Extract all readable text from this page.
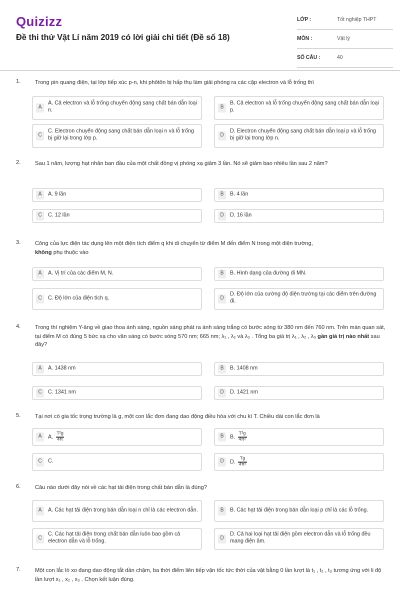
Quizizz
Đề thi thử Vật Lí năm 2019 có lời giải chi tiết (Đề số 18)
LỚP :	Tốt nghiệp THPT
MÔN :	Vật lý
SỐ CÂU :	40
1.	Trong pin quang điện, tại lớp tiếp xúc p-n, khi phôtôn bị hấp thụ làm giải phóng ra các cặp electron và lỗ trống thì
A
A. Cả electron và lỗ trống chuyển động sang chất bán dẫn loại n.
B
B. Cả electron và lỗ trống chuyển động sang chất bán dẫn loại p.
C
C. Electron chuyển động sang chất bán dẫn loại n và lỗ trống bị giữ lại trong lớp p.
D
D. Electron chuyển động sang chất bán dẫn loại p và lỗ trống bị giữ lại trong lớp n.
2.	Sau 1 năm, lượng hạt nhân ban đầu của một chất đồng vị phóng xạ giảm 3 lần. Nó sẽ giảm bao nhiêu lần sau 2 năm?
A	A. 9 lần	B	B. 4 lần
C	C. 12 lần	D	D. 16 lần
3.	Công của lực điện tác dụng lên một điện tích điểm q khi di chuyển từ điểm M đến điểm N trong một điện trường,
không phụ thuộc vào
A	A. Vị trí của các điểm M, N.	B	B. Hình dạng của đường đi MN.
C	C. Độ lớn của điện tích q.	D
D. Độ lớn của cường độ điện trường tại các điểm trên đường đi.
4.	Trong thí nghiệm Y-âng về giao thoa ánh sáng, nguồn sáng phát ra ánh sáng trắng có bước sóng từ 380 nm đến 760 nm. Trên màn quan sát, tại điểm M có đúng 5 bức xạ cho vân sáng có bước sóng 570 nm; 665 nm; λ₁ , λ₂ và λ₃ . Tổng ba giá trị λ₁ , λ₂ , λ₃ gần giá trị nào nhất sau đây?
A	A. 1438 nm	B	B. 1408 nm
C	C. 1341 nm	D	D. 1421 nm
5.	Tại nơi có gia tốc trọng trường là g, một con lắc đơn đang dao động điều hòa với chu kì T. Chiều dài con lắc đơn là
A	A. $\frac{\text{T²g}}{4\pi}$	B	B. $\frac{\text{T²g}}{\text{4π²}}$
C	C.	D	D. $\frac{Tg}{\text{4π²}}$
6.	Câu nào dưới đây nói về các hạt tải điện trong chất bán dẫn là đúng?
A	A. Các hạt tải điện trong bán dẫn loại n chỉ là các electron dẫn.	B	B. Các hạt tải điện trong bán dẫn loại p chỉ là các lỗ trống.
C
C. Các hạt tải điện trong chất bán dẫn luôn bao gồm cả electron dẫn và lỗ trống.
D
D. Cả hai loại hạt tải điện gồm electron dẫn và lỗ trống đều mang điện âm.
7.	Một con lắc lò xo đang dao động tắt dần chậm, ba thời điểm liên tiếp vận tốc tức thời của vật bằng 0 lần lượt là t₁ , t₂ , t₃ tương ứng với li độ lần lượt x₁ , x₂ , x₃ . Chọn kết luận đúng.
